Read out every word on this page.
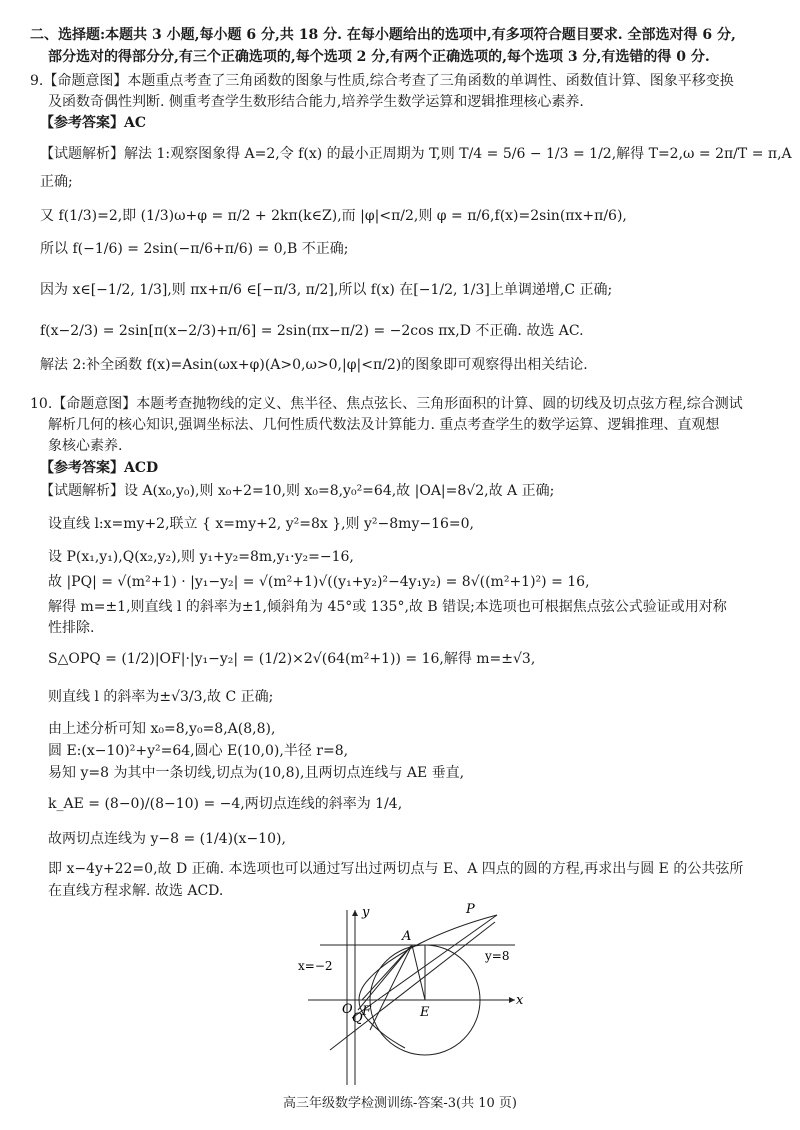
二、选择题:本题共 3 小题,每小题 6 分,共 18 分. 在每小题给出的选项中,有多项符合题目要求. 全部选对得 6 分,
部分选对的得部分分,有三个正确选项的,每个选项 2 分,有两个正确选项的,每个选项 3 分,有选错的得 0 分.
9.【命题意图】本题重点考查了三角函数的图象与性质,综合考查了三角函数的单调性、函数值计算、图象平移变换
及函数奇偶性判断. 侧重考查学生数形结合能力,培养学生数学运算和逻辑推理核心素养.
【参考答案】AC
【试题解析】解法 1:观察图象得 A=2,令 f(x) 的最小正周期为 T,则 T/4 = 5/6 − 1/3 = 1/2,解得 T=2,ω = 2π/T = π,A
正确;
又 f(1/3)=2,即 (1/3)ω+φ = π/2 + 2kπ(k∈Z),而 |φ|<π/2,则 φ = π/6,f(x)=2sin(πx+π/6),
所以 f(−1/6) = 2sin(−π/6+π/6) = 0,B 不正确;
因为 x∈[−1/2, 1/3],则 πx+π/6 ∈[−π/3, π/2],所以 f(x) 在[−1/2, 1/3]上单调递增,C 正确;
f(x−2/3) = 2sin[π(x−2/3)+π/6] = 2sin(πx−π/2) = −2cos πx,D 不正确. 故选 AC.
解法 2:补全函数 f(x)=Asin(ωx+φ)(A>0,ω>0,|φ|<π/2)的图象即可观察得出相关结论.
10.【命题意图】本题考查抛物线的定义、焦半径、焦点弦长、三角形面积的计算、圆的切线及切点弦方程,综合测试
解析几何的核心知识,强调坐标法、几何性质代数法及计算能力. 重点考查学生的数学运算、逻辑推理、直观想
象核心素养.
【参考答案】ACD
【试题解析】设 A(x₀,y₀),则 x₀+2=10,则 x₀=8,y₀²=64,故 |OA|=8√2,故 A 正确;
设直线 l:x=my+2,联立 { x=my+2, y²=8x },则 y²−8my−16=0,
设 P(x₁,y₁),Q(x₂,y₂),则 y₁+y₂=8m,y₁·y₂=−16,
故 |PQ| = √(m²+1) · |y₁−y₂| = √(m²+1)√((y₁+y₂)²−4y₁y₂) = 8√((m²+1)²) = 16,
解得 m=±1,则直线 l 的斜率为±1,倾斜角为 45°或 135°,故 B 错误;本选项也可根据焦点弦公式验证或用对称
性排除.
S△OPQ = (1/2)|OF|·|y₁−y₂| = (1/2)×2√(64(m²+1)) = 16,解得 m=±√3,
则直线 l 的斜率为±√3/3,故 C 正确;
由上述分析可知 x₀=8,y₀=8,A(8,8),
圆 E:(x−10)²+y²=64,圆心 E(10,0),半径 r=8,
易知 y=8 为其中一条切线,切点为(10,8),且两切点连线与 AE 垂直,
k_AE = (8−0)/(8−10) = −4,两切点连线的斜率为 1/4,
故两切点连线为 y−8 = (1/4)(x−10),
即 x−4y+22=0,故 D 正确. 本选项也可以通过写出过两切点与 E、A 四点的圆的方程,再求出与圆 E 的公共弦所
在直线方程求解. 故选 ACD.
y
x
P
A
x=−2
y=8
O
Q F	E
高三年级数学检测训练-答案-3(共 10 页)
